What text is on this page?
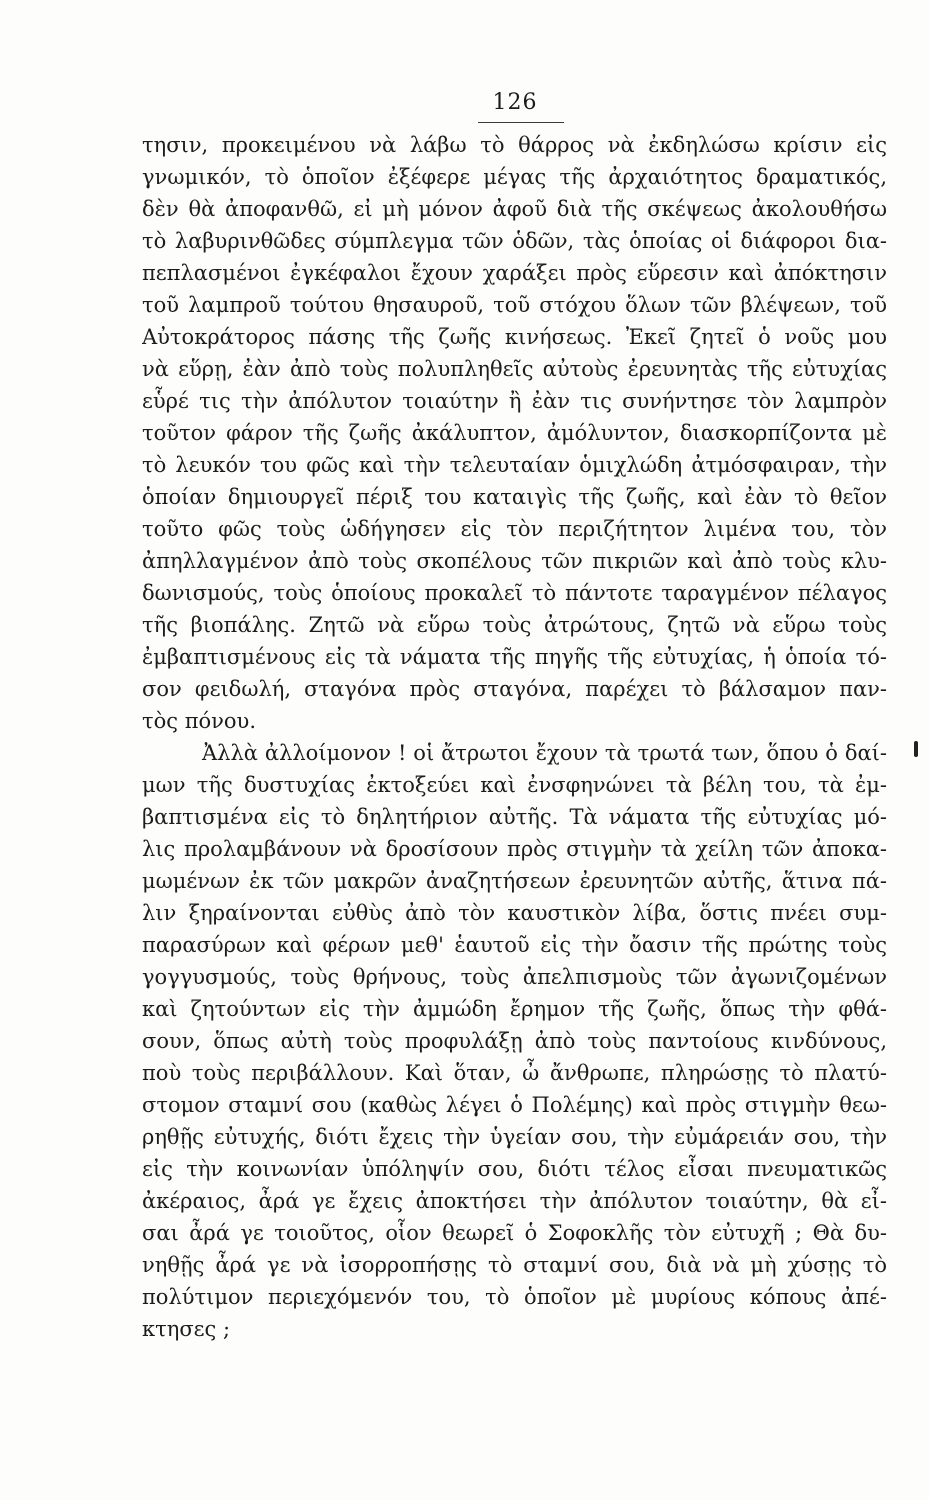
126
τησιν, προκειμένου νὰ λάβω τὸ θάρρος νὰ ἐκδηλώσω κρίσιν εἰς
γνωμικόν, τὸ ὁποῖον ἐξέφερε μέγας τῆς ἀρχαιότητος δραματικός,
δὲν θὰ ἀποφανθῶ, εἰ μὴ μόνον ἀφοῦ διὰ τῆς σκέψεως ἀκολουθήσω
τὸ λαβυρινθῶδες σύμπλεγμα τῶν ὁδῶν, τὰς ὁποίας οἱ διάφοροι δια-
πεπλασμένοι ἐγκέφαλοι ἔχουν χαράξει πρὸς εὕρεσιν καὶ ἀπόκτησιν
τοῦ λαμπροῦ τούτου θησαυροῦ, τοῦ στόχου ὅλων τῶν βλέψεων, τοῦ
Αὐτοκράτορος πάσης τῆς ζωῆς κινήσεως. Ἐκεῖ ζητεῖ ὁ νοῦς μου
νὰ εὕρῃ, ἐὰν ἀπὸ τοὺς πολυπληθεῖς αὐτοὺς ἐρευνητὰς τῆς εὐτυχίας
εὗρέ τις τὴν ἀπόλυτον τοιαύτην ἢ ἐὰν τις συνήντησε τὸν λαμπρὸν
τοῦτον φάρον τῆς ζωῆς ἀκάλυπτον, ἀμόλυντον, διασκορπίζοντα μὲ
τὸ λευκόν του φῶς καὶ τὴν τελευταίαν ὁμιχλώδη ἀτμόσφαιραν, τὴν
ὁποίαν δημιουργεῖ πέριξ του καταιγὶς τῆς ζωῆς, καὶ ἐὰν τὸ θεῖον
τοῦτο φῶς τοὺς ὡδήγησεν εἰς τὸν περιζήτητον λιμένα του, τὸν
ἀπηλλαγμένον ἀπὸ τοὺς σκοπέλους τῶν πικριῶν καὶ ἀπὸ τοὺς κλυ-
δωνισμούς, τοὺς ὁποίους προκαλεῖ τὸ πάντοτε ταραγμένον πέλαγος
τῆς βιοπάλης. Ζητῶ νὰ εὕρω τοὺς ἀτρώτους, ζητῶ νὰ εὕρω τοὺς
ἐμβαπτισμένους εἰς τὰ νάματα τῆς πηγῆς τῆς εὐτυχίας, ἡ ὁποία τό-
σον φειδωλή, σταγόνα πρὸς σταγόνα, παρέχει τὸ βάλσαμον παν-
τὸς πόνου.
Ἀλλὰ ἀλλοίμονον ! οἱ ἄτρωτοι ἔχουν τὰ τρωτά των, ὅπου ὁ δαί-
μων τῆς δυστυχίας ἐκτοξεύει καὶ ἐνσφηνώνει τὰ βέλη του, τὰ ἐμ-
βαπτισμένα εἰς τὸ δηλητήριον αὐτῆς. Τὰ νάματα τῆς εὐτυχίας μό-
λις προλαμβάνουν νὰ δροσίσουν πρὸς στιγμὴν τὰ χείλη τῶν ἀποκα-
μωμένων ἐκ τῶν μακρῶν ἀναζητήσεων ἐρευνητῶν αὐτῆς, ἅτινα πά-
λιν ξηραίνονται εὐθὺς ἀπὸ τὸν καυστικὸν λίβα, ὅστις πνέει συμ-
παρασύρων καὶ φέρων μεθ' ἑαυτοῦ εἰς τὴν ὄασιν τῆς πρώτης τοὺς
γογγυσμούς, τοὺς θρήνους, τοὺς ἀπελπισμοὺς τῶν ἀγωνιζομένων
καὶ ζητούντων εἰς τὴν ἀμμώδη ἔρημον τῆς ζωῆς, ὅπως τὴν φθά-
σουν, ὅπως αὐτὴ τοὺς προφυλάξῃ ἀπὸ τοὺς παντοίους κινδύνους,
ποὺ τοὺς περιβάλλουν. Καὶ ὅταν, ὦ ἄνθρωπε, πληρώσῃς τὸ πλατύ-
στομον σταμνί σου (καθὼς λέγει ὁ Πολέμης) καὶ πρὸς στιγμὴν θεω-
ρηθῇς εὐτυχής, διότι ἔχεις τὴν ὑγείαν σου, τὴν εὐμάρειάν σου, τὴν
εἰς τὴν κοινωνίαν ὑπόληψίν σου, διότι τέλος εἶσαι πνευματικῶς
ἀκέραιος, ἆρά γε ἔχεις ἀποκτήσει τὴν ἀπόλυτον τοιαύτην, θὰ εἶ-
σαι ἆρά γε τοιοῦτος, οἷον θεωρεῖ ὁ Σοφοκλῆς τὸν εὐτυχῆ ; Θὰ δυ-
νηθῇς ἆρά γε νὰ ἰσορροπήσῃς τὸ σταμνί σου, διὰ νὰ μὴ χύσῃς τὸ
πολύτιμον περιεχόμενόν του, τὸ ὁποῖον μὲ μυρίους κόπους ἀπέ-
κτησες ;
